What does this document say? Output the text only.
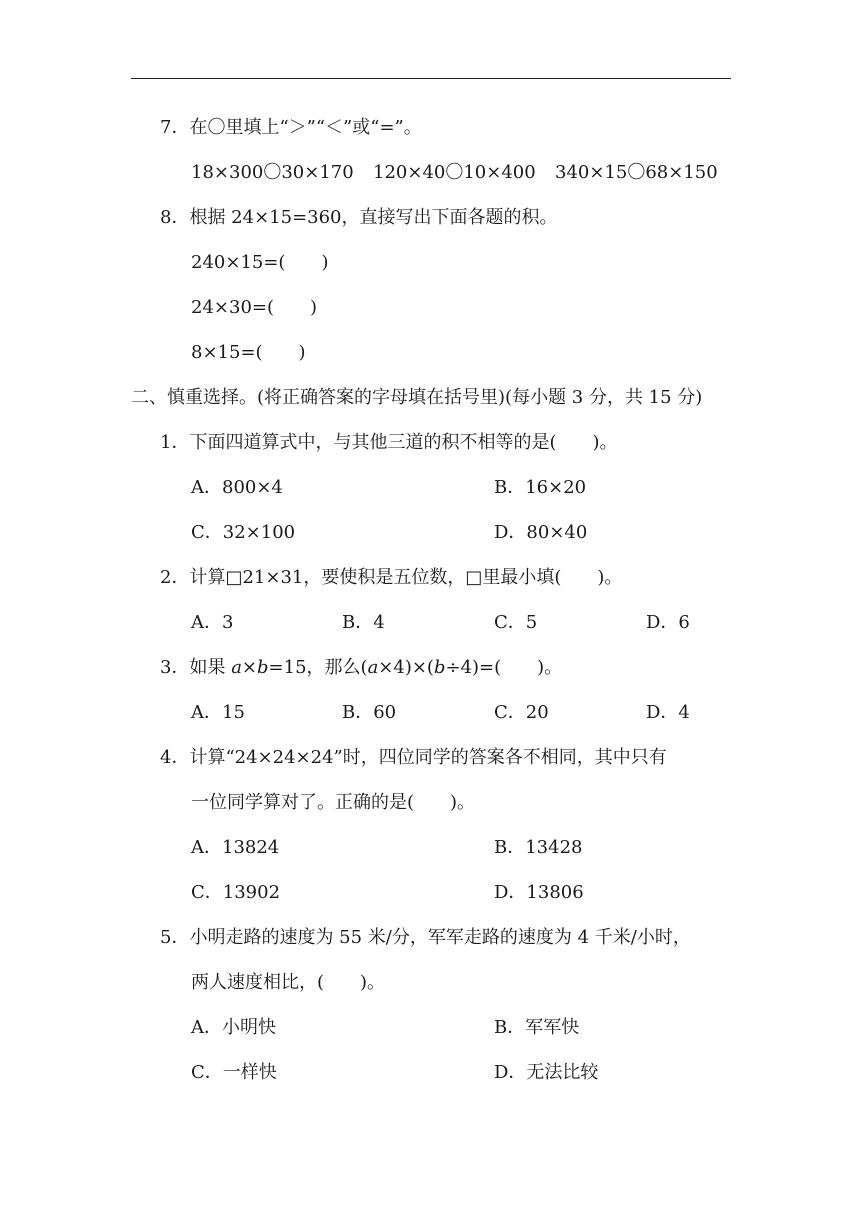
7．在〇里填上“＞”“＜”或“=”。
18×300〇30×170 120×40〇10×400 340×15〇68×150
8．根据 24×15=360，直接写出下面各题的积。
240×15=(　　)
24×30=(　　)
8×15=(　　)
二、慎重选择。(将正确答案的字母填在括号里)(每小题 3 分，共 15 分)
1．下面四道算式中，与其他三道的积不相等的是(　　)。
A．800×4	B．16×20
C．32×100	D．80×40
2．计算□21×31，要使积是五位数，□里最小填(　　)。
A．3	B．4	C．5	D．6
3．如果 a×b=15，那么(a×4)×(b÷4)=(　　)。
A．15	B．60	C．20	D．4
4．计算“24×24×24”时，四位同学的答案各不相同，其中只有
一位同学算对了。正确的是(　　)。
A．13824	B．13428
C．13902	D．13806
5．小明走路的速度为 55 米/分，军军走路的速度为 4 千米/小时，
两人速度相比，(　　)。
A．小明快	B．军军快
C．一样快	D．无法比较
